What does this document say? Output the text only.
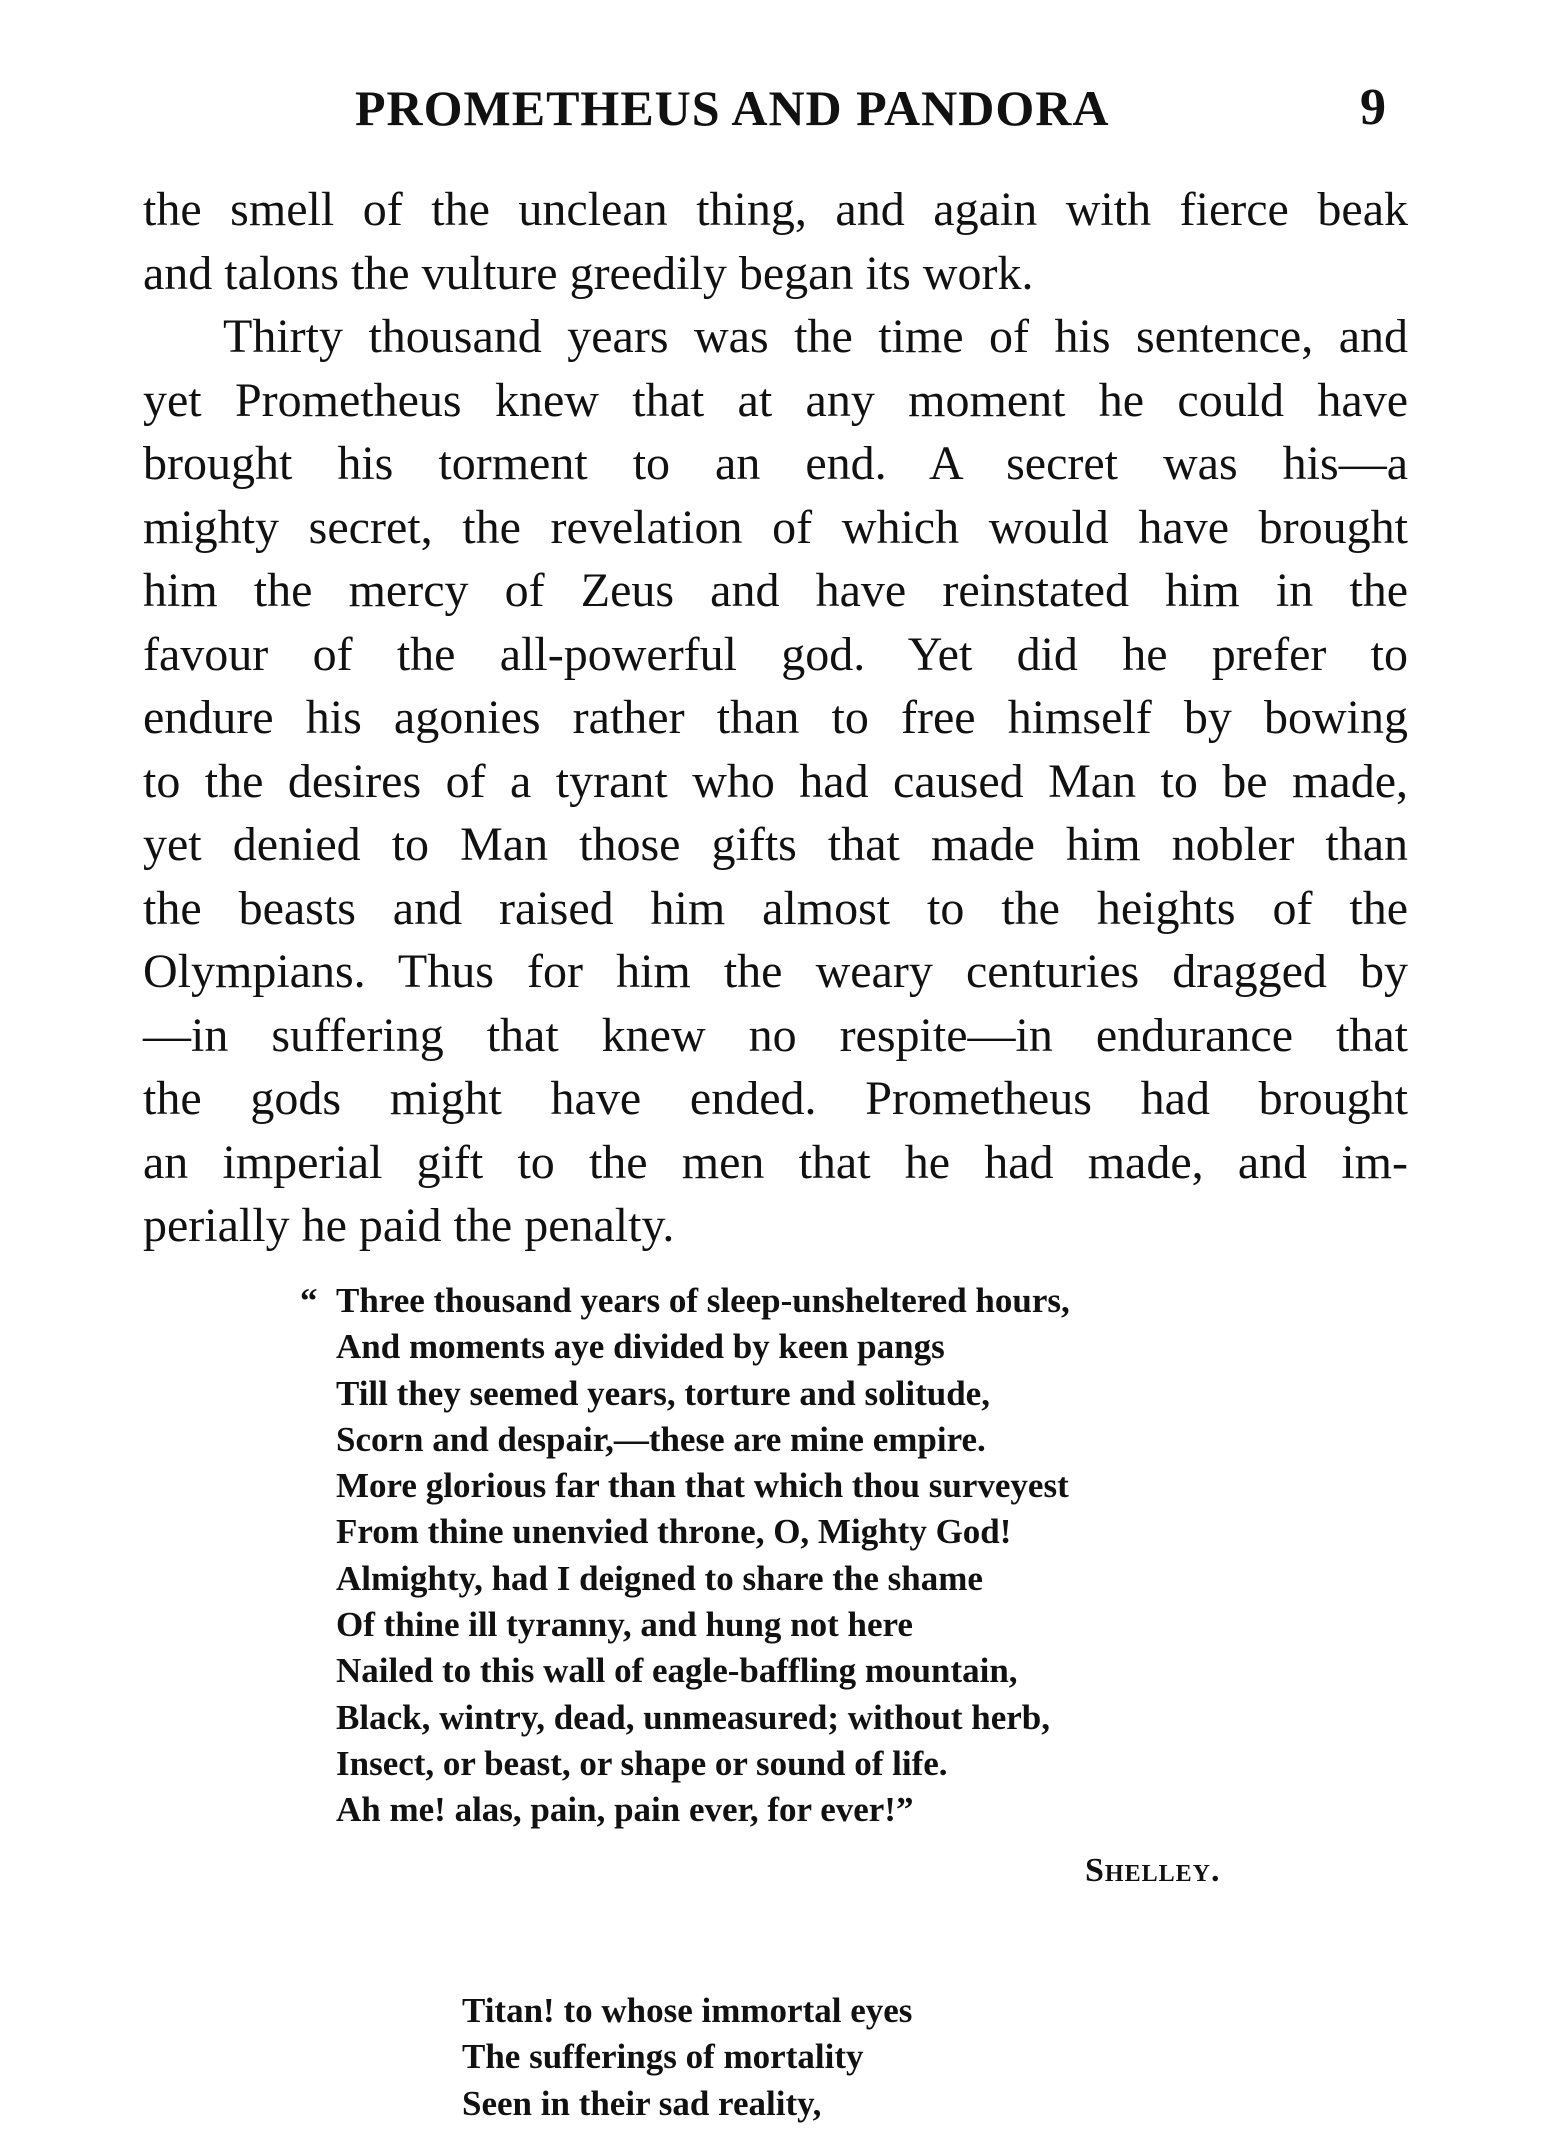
PROMETHEUS AND PANDORA	9
the smell of the unclean thing, and again with fierce beak
and talons the vulture greedily began its work.
Thirty thousand years was the time of his sentence, and
yet Prometheus knew that at any moment he could have
brought his torment to an end. A secret was his—a
mighty secret, the revelation of which would have brought
him the mercy of Zeus and have reinstated him in the
favour of the all-powerful god. Yet did he prefer to
endure his agonies rather than to free himself by bowing
to the desires of a tyrant who had caused Man to be made,
yet denied to Man those gifts that made him nobler than
the beasts and raised him almost to the heights of the
Olympians. Thus for him the weary centuries dragged by
—in suffering that knew no respite—in endurance that
the gods might have ended. Prometheus had brought
an imperial gift to the men that he had made, and im-
perially he paid the penalty.
“ Three thousand years of sleep-unsheltered hours,
And moments aye divided by keen pangs
Till they seemed years, torture and solitude,
Scorn and despair,—these are mine empire.
More glorious far than that which thou surveyest
From thine unenvied throne, O, Mighty God!
Almighty, had I deigned to share the shame
Of thine ill tyranny, and hung not here
Nailed to this wall of eagle-baffling mountain,
Black, wintry, dead, unmeasured; without herb,
Insect, or beast, or shape or sound of life.
Ah me! alas, pain, pain ever, for ever!”
Shelley.
Titan! to whose immortal eyes
The sufferings of mortality
Seen in their sad reality,
